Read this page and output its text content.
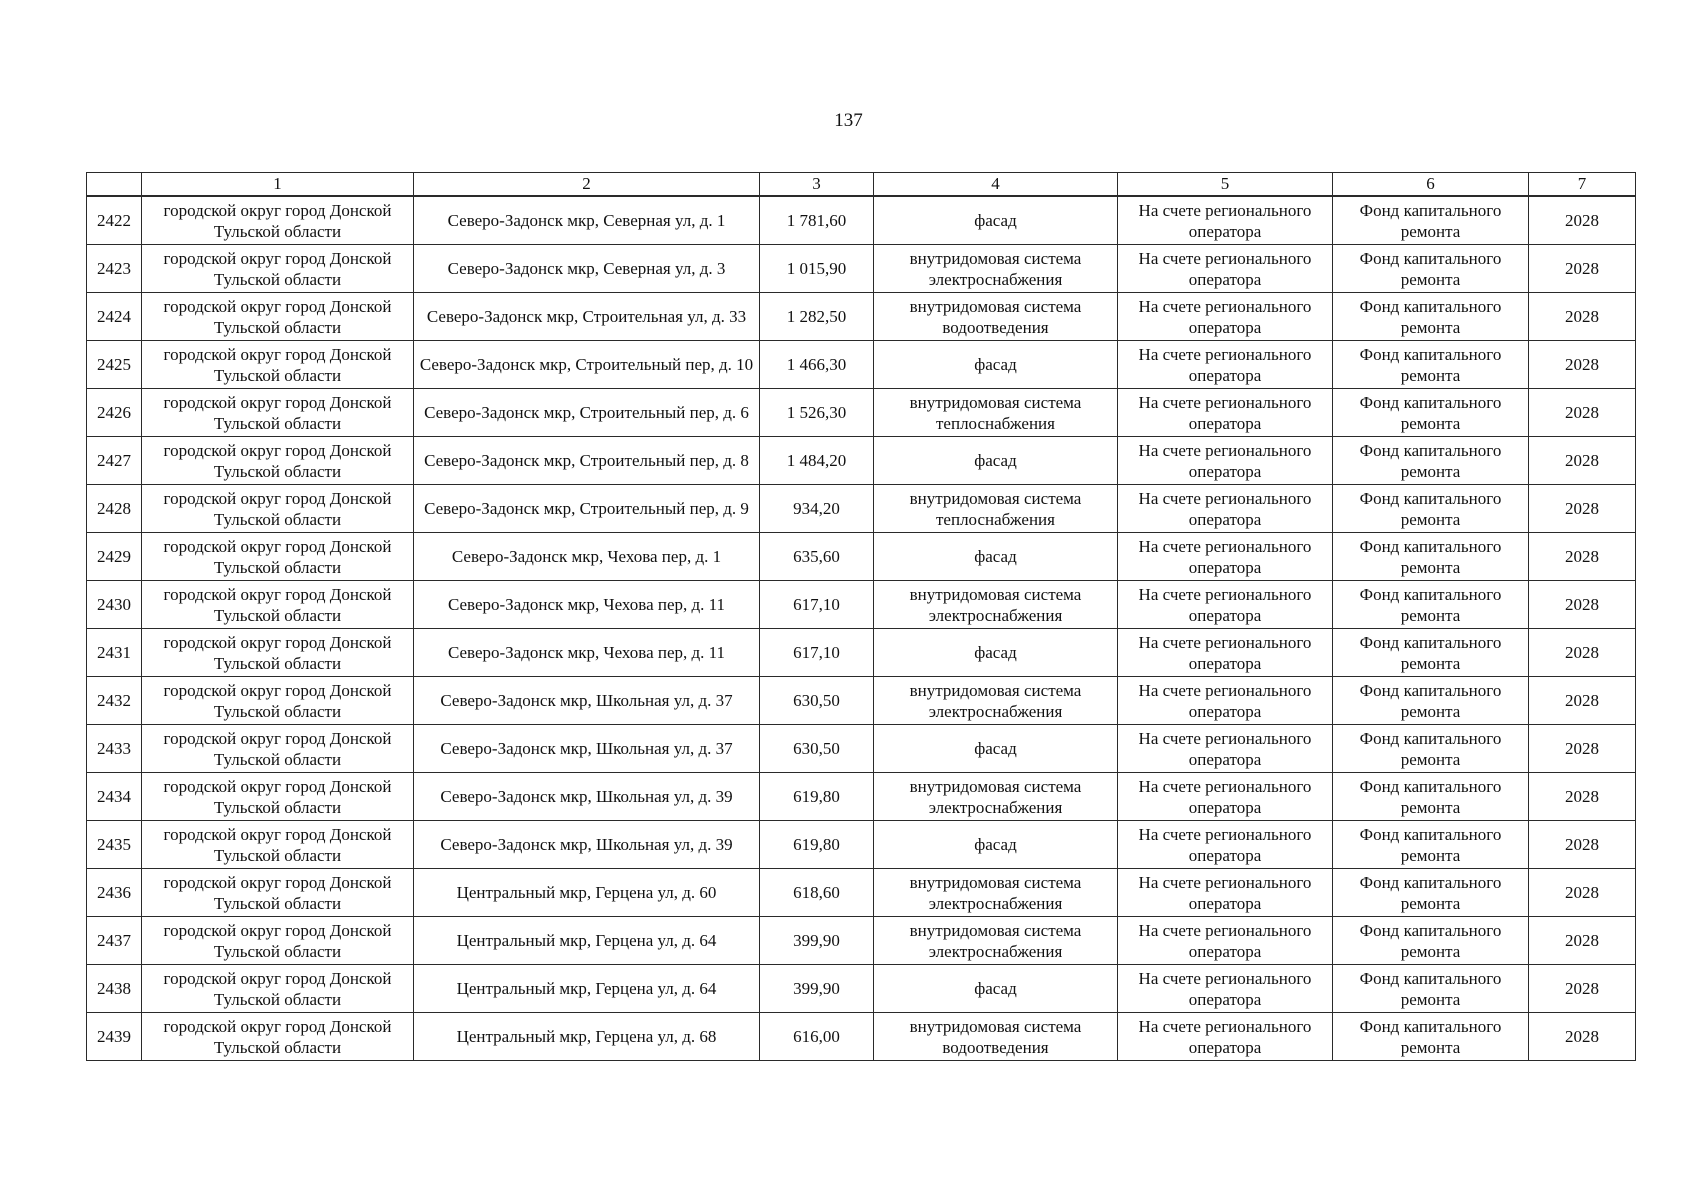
137
	1	2	3	4	5	6	7
2422	городской округ город Донской Тульской области	Северо-Задонск мкр, Северная ул, д. 1	1 781,60	фасад	На счете регионального оператора	Фонд капитального ремонта	2028
2423	городской округ город Донской Тульской области	Северо-Задонск мкр, Северная ул, д. 3	1 015,90	внутридомовая система электроснабжения	На счете регионального оператора	Фонд капитального ремонта	2028
2424	городской округ город Донской Тульской области	Северо-Задонск мкр, Строительная ул, д. 33	1 282,50	внутридомовая система водоотведения	На счете регионального оператора	Фонд капитального ремонта	2028
2425	городской округ город Донской Тульской области	Северо-Задонск мкр, Строительный пер, д. 10	1 466,30	фасад	На счете регионального оператора	Фонд капитального ремонта	2028
2426	городской округ город Донской Тульской области	Северо-Задонск мкр, Строительный пер, д. 6	1 526,30	внутридомовая система теплоснабжения	На счете регионального оператора	Фонд капитального ремонта	2028
2427	городской округ город Донской Тульской области	Северо-Задонск мкр, Строительный пер, д. 8	1 484,20	фасад	На счете регионального оператора	Фонд капитального ремонта	2028
2428	городской округ город Донской Тульской области	Северо-Задонск мкр, Строительный пер, д. 9	934,20	внутридомовая система теплоснабжения	На счете регионального оператора	Фонд капитального ремонта	2028
2429	городской округ город Донской Тульской области	Северо-Задонск мкр, Чехова пер, д. 1	635,60	фасад	На счете регионального оператора	Фонд капитального ремонта	2028
2430	городской округ город Донской Тульской области	Северо-Задонск мкр, Чехова пер, д. 11	617,10	внутридомовая система электроснабжения	На счете регионального оператора	Фонд капитального ремонта	2028
2431	городской округ город Донской Тульской области	Северо-Задонск мкр, Чехова пер, д. 11	617,10	фасад	На счете регионального оператора	Фонд капитального ремонта	2028
2432	городской округ город Донской Тульской области	Северо-Задонск мкр, Школьная ул, д. 37	630,50	внутридомовая система электроснабжения	На счете регионального оператора	Фонд капитального ремонта	2028
2433	городской округ город Донской Тульской области	Северо-Задонск мкр, Школьная ул, д. 37	630,50	фасад	На счете регионального оператора	Фонд капитального ремонта	2028
2434	городской округ город Донской Тульской области	Северо-Задонск мкр, Школьная ул, д. 39	619,80	внутридомовая система электроснабжения	На счете регионального оператора	Фонд капитального ремонта	2028
2435	городской округ город Донской Тульской области	Северо-Задонск мкр, Школьная ул, д. 39	619,80	фасад	На счете регионального оператора	Фонд капитального ремонта	2028
2436	городской округ город Донской Тульской области	Центральный мкр, Герцена ул, д. 60	618,60	внутридомовая система электроснабжения	На счете регионального оператора	Фонд капитального ремонта	2028
2437	городской округ город Донской Тульской области	Центральный мкр, Герцена ул, д. 64	399,90	внутридомовая система электроснабжения	На счете регионального оператора	Фонд капитального ремонта	2028
2438	городской округ город Донской Тульской области	Центральный мкр, Герцена ул, д. 64	399,90	фасад	На счете регионального оператора	Фонд капитального ремонта	2028
2439	городской округ город Донской Тульской области	Центральный мкр, Герцена ул, д. 68	616,00	внутридомовая система водоотведения	На счете регионального оператора	Фонд капитального ремонта	2028
